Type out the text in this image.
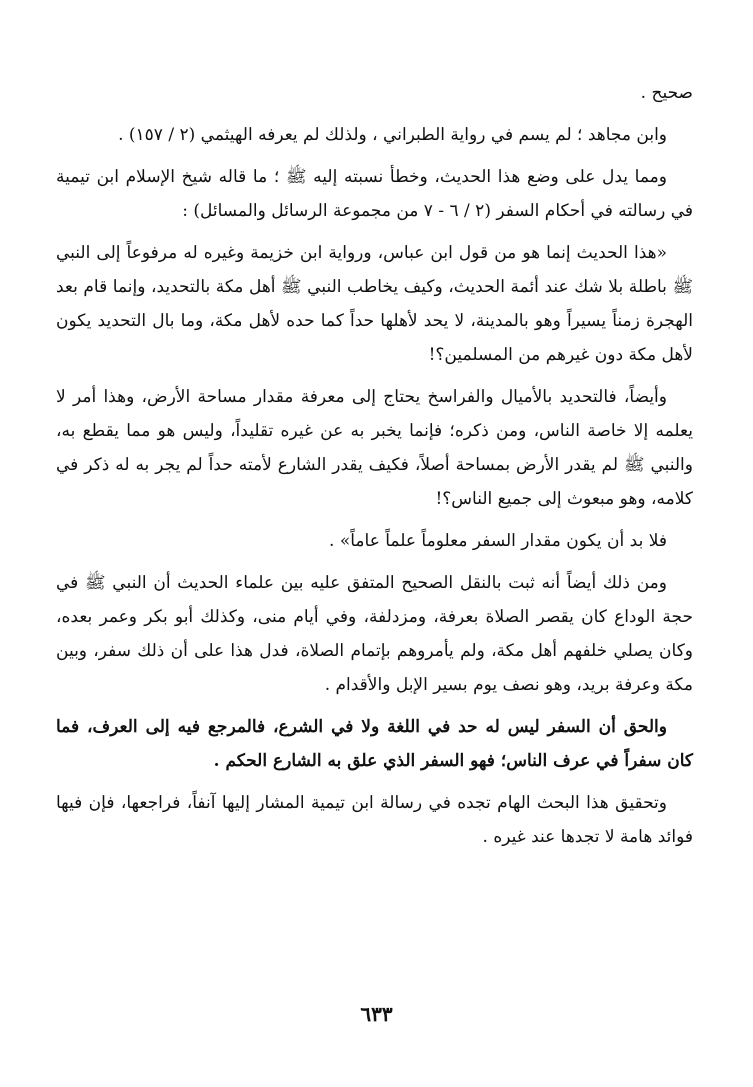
صحيح .

وابن مجاهد ؛ لم يسم في رواية الطبراني ، ولذلك لم يعرفه الهيثمي (٢ / ١٥٧) .

ومما يدل على وضع هذا الحديث، وخطأ نسبته إليه ﷺ ؛ ما قاله شيخ الإسلام ابن تيمية في رسالته في أحكام السفر (٢ / ٦ - ٧ من مجموعة الرسائل والمسائل) :

«هذا الحديث إنما هو من قول ابن عباس، ورواية ابن خزيمة وغيره له مرفوعاً إلى النبي ﷺ باطلة بلا شك عند أئمة الحديث، وكيف يخاطب النبي ﷺ أهل مكة بالتحديد، وإنما قام بعد الهجرة زمناً يسيراً وهو بالمدينة، لا يحد لأهلها حداً كما حده لأهل مكة، وما بال التحديد يكون لأهل مكة دون غيرهم من المسلمين؟!

وأيضاً، فالتحديد بالأميال والفراسخ يحتاج إلى معرفة مقدار مساحة الأرض، وهذا أمر لا يعلمه إلا خاصة الناس، ومن ذكره؛ فإنما يخبر به عن غيره تقليداً، وليس هو مما يقطع به، والنبي ﷺ لم يقدر الأرض بمساحة أصلاً، فكيف يقدر الشارع لأمته حداً لم يجر به له ذكر في كلامه، وهو مبعوث إلى جميع الناس؟!

فلا بد أن يكون مقدار السفر معلوماً علماً عاماً» .

ومن ذلك أيضاً أنه ثبت بالنقل الصحيح المتفق عليه بين علماء الحديث أن النبي ﷺ في حجة الوداع كان يقصر الصلاة بعرفة، ومزدلفة، وفي أيام منى، وكذلك أبو بكر وعمر بعده، وكان يصلي خلفهم أهل مكة، ولم يأمروهم بإتمام الصلاة، فدل هذا على أن ذلك سفر، وبين مكة وعرفة بريد، وهو نصف يوم بسير الإبل والأقدام .

والحق أن السفر ليس له حد في اللغة ولا في الشرع، فالمرجع فيه إلى العرف، فما كان سفراً في عرف الناس؛ فهو السفر الذي علق به الشارع الحكم .

وتحقيق هذا البحث الهام تجده في رسالة ابن تيمية المشار إليها آنفاً، فراجعها، فإن فيها فوائد هامة لا تجدها عند غيره .

٦٣٣
